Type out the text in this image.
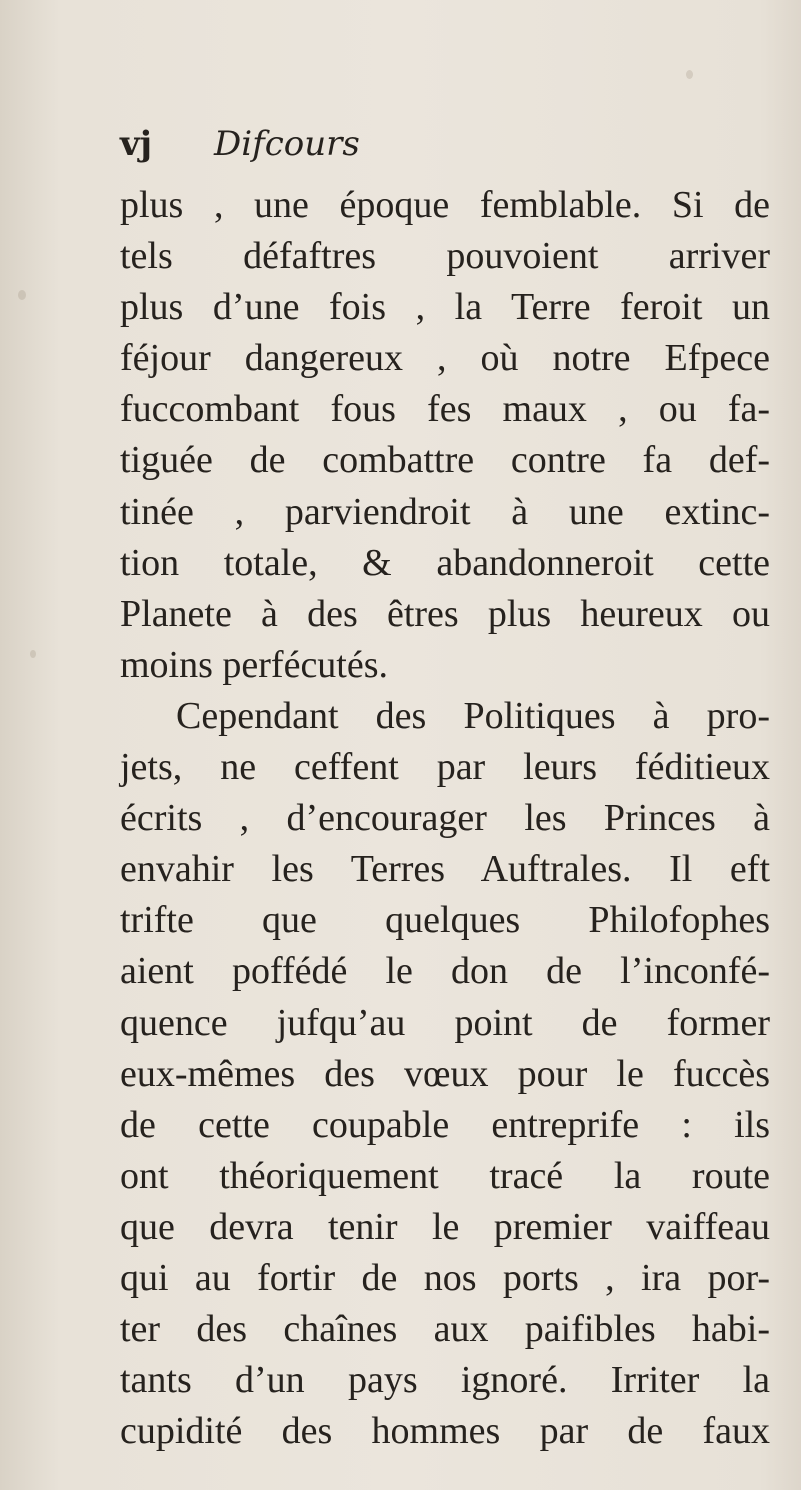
vj Difcours
plus , une époque femblable. Si de
tels défaftres pouvoient arriver
plus d’une fois , la Terre feroit un
féjour dangereux , où notre Efpece
fuccombant fous fes maux , ou fa-
tiguée de combattre contre fa def-
tinée , parviendroit à une extinc-
tion totale, & abandonneroit cette
Planete à des êtres plus heureux ou
moins perfécutés.
Cependant des Politiques à pro-
jets, ne ceffent par leurs féditieux
écrits , d’encourager les Princes à
envahir les Terres Auftrales. Il eft
trifte que quelques Philofophes
aient poffédé le don de l’inconfé-
quence jufqu’au point de former
eux-mêmes des vœux pour le fuccès
de cette coupable entreprife : ils
ont théoriquement tracé la route
que devra tenir le premier vaiffeau
qui au fortir de nos ports , ira por-
ter des chaînes aux paifibles habi-
tants d’un pays ignoré. Irriter la
cupidité des hommes par de faux
